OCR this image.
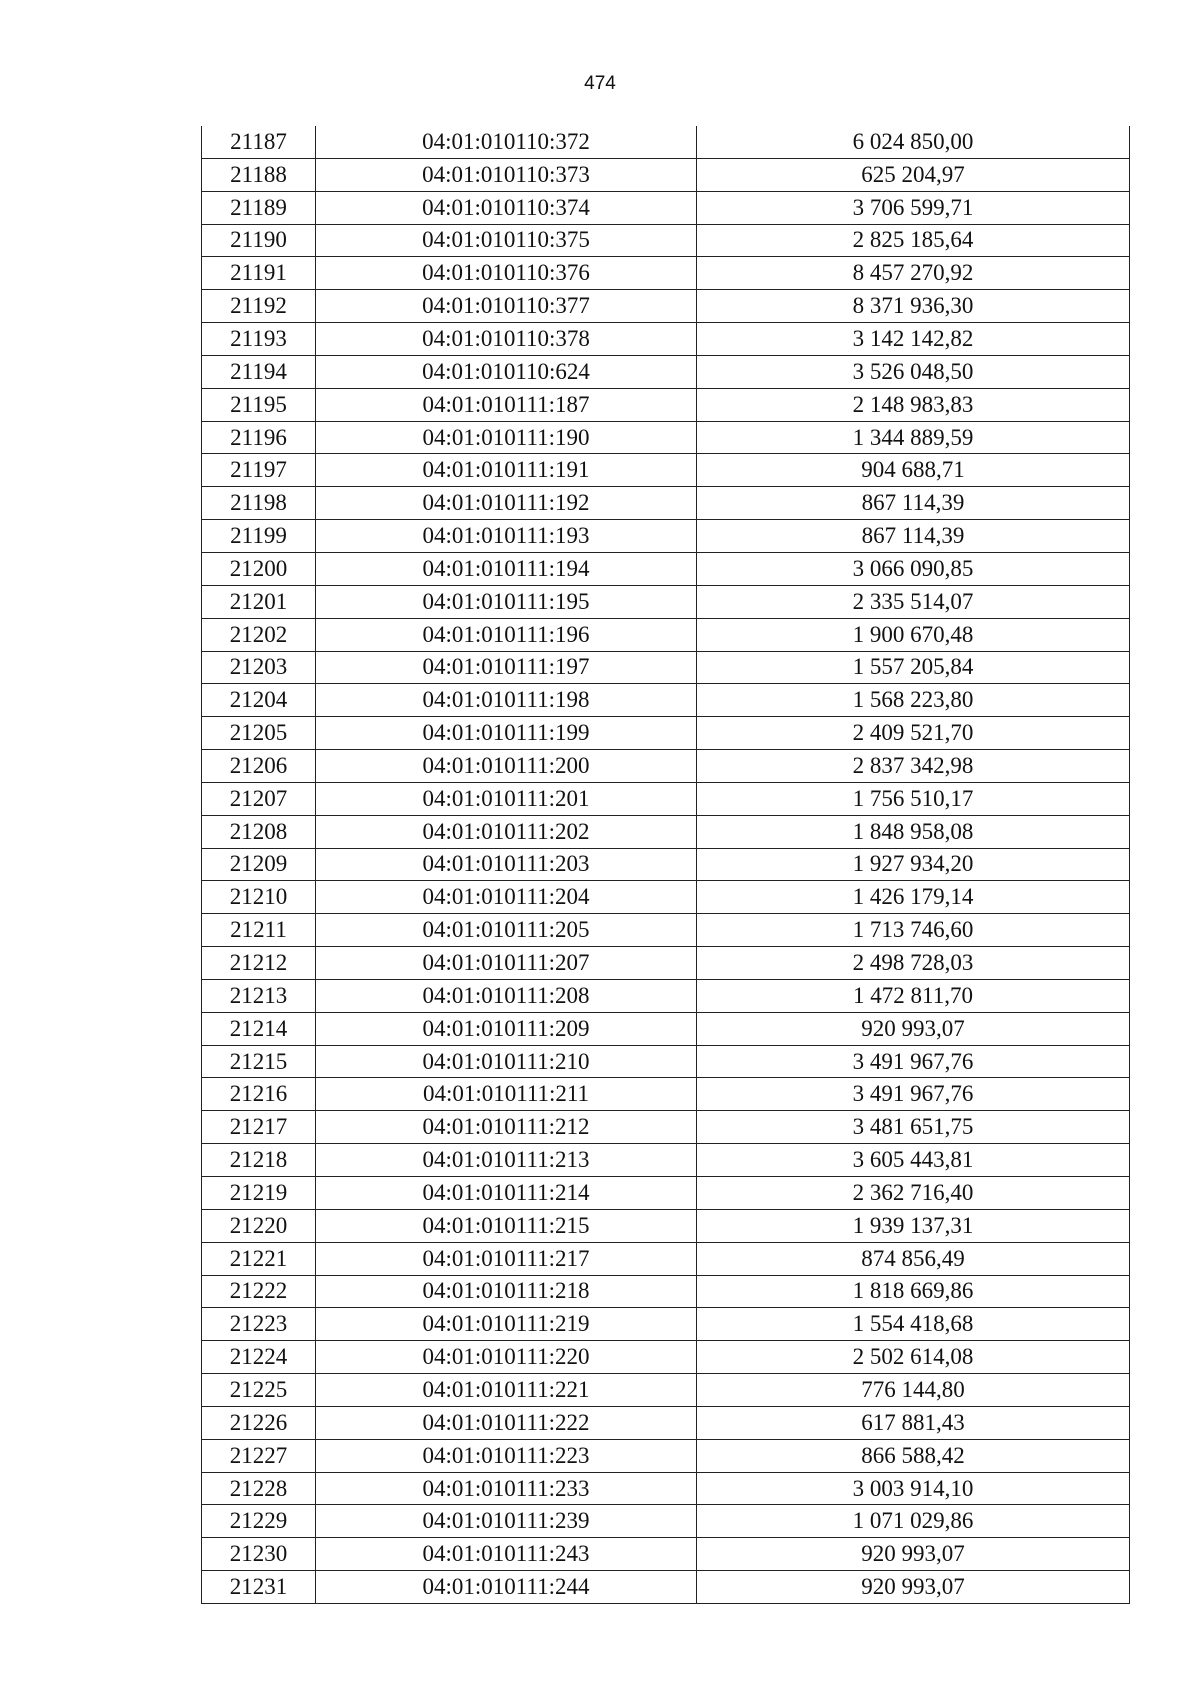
474
21187	04:01:010110:372	6 024 850,00
21188	04:01:010110:373	625 204,97
21189	04:01:010110:374	3 706 599,71
21190	04:01:010110:375	2 825 185,64
21191	04:01:010110:376	8 457 270,92
21192	04:01:010110:377	8 371 936,30
21193	04:01:010110:378	3 142 142,82
21194	04:01:010110:624	3 526 048,50
21195	04:01:010111:187	2 148 983,83
21196	04:01:010111:190	1 344 889,59
21197	04:01:010111:191	904 688,71
21198	04:01:010111:192	867 114,39
21199	04:01:010111:193	867 114,39
21200	04:01:010111:194	3 066 090,85
21201	04:01:010111:195	2 335 514,07
21202	04:01:010111:196	1 900 670,48
21203	04:01:010111:197	1 557 205,84
21204	04:01:010111:198	1 568 223,80
21205	04:01:010111:199	2 409 521,70
21206	04:01:010111:200	2 837 342,98
21207	04:01:010111:201	1 756 510,17
21208	04:01:010111:202	1 848 958,08
21209	04:01:010111:203	1 927 934,20
21210	04:01:010111:204	1 426 179,14
21211	04:01:010111:205	1 713 746,60
21212	04:01:010111:207	2 498 728,03
21213	04:01:010111:208	1 472 811,70
21214	04:01:010111:209	920 993,07
21215	04:01:010111:210	3 491 967,76
21216	04:01:010111:211	3 491 967,76
21217	04:01:010111:212	3 481 651,75
21218	04:01:010111:213	3 605 443,81
21219	04:01:010111:214	2 362 716,40
21220	04:01:010111:215	1 939 137,31
21221	04:01:010111:217	874 856,49
21222	04:01:010111:218	1 818 669,86
21223	04:01:010111:219	1 554 418,68
21224	04:01:010111:220	2 502 614,08
21225	04:01:010111:221	776 144,80
21226	04:01:010111:222	617 881,43
21227	04:01:010111:223	866 588,42
21228	04:01:010111:233	3 003 914,10
21229	04:01:010111:239	1 071 029,86
21230	04:01:010111:243	920 993,07
21231	04:01:010111:244	920 993,07
